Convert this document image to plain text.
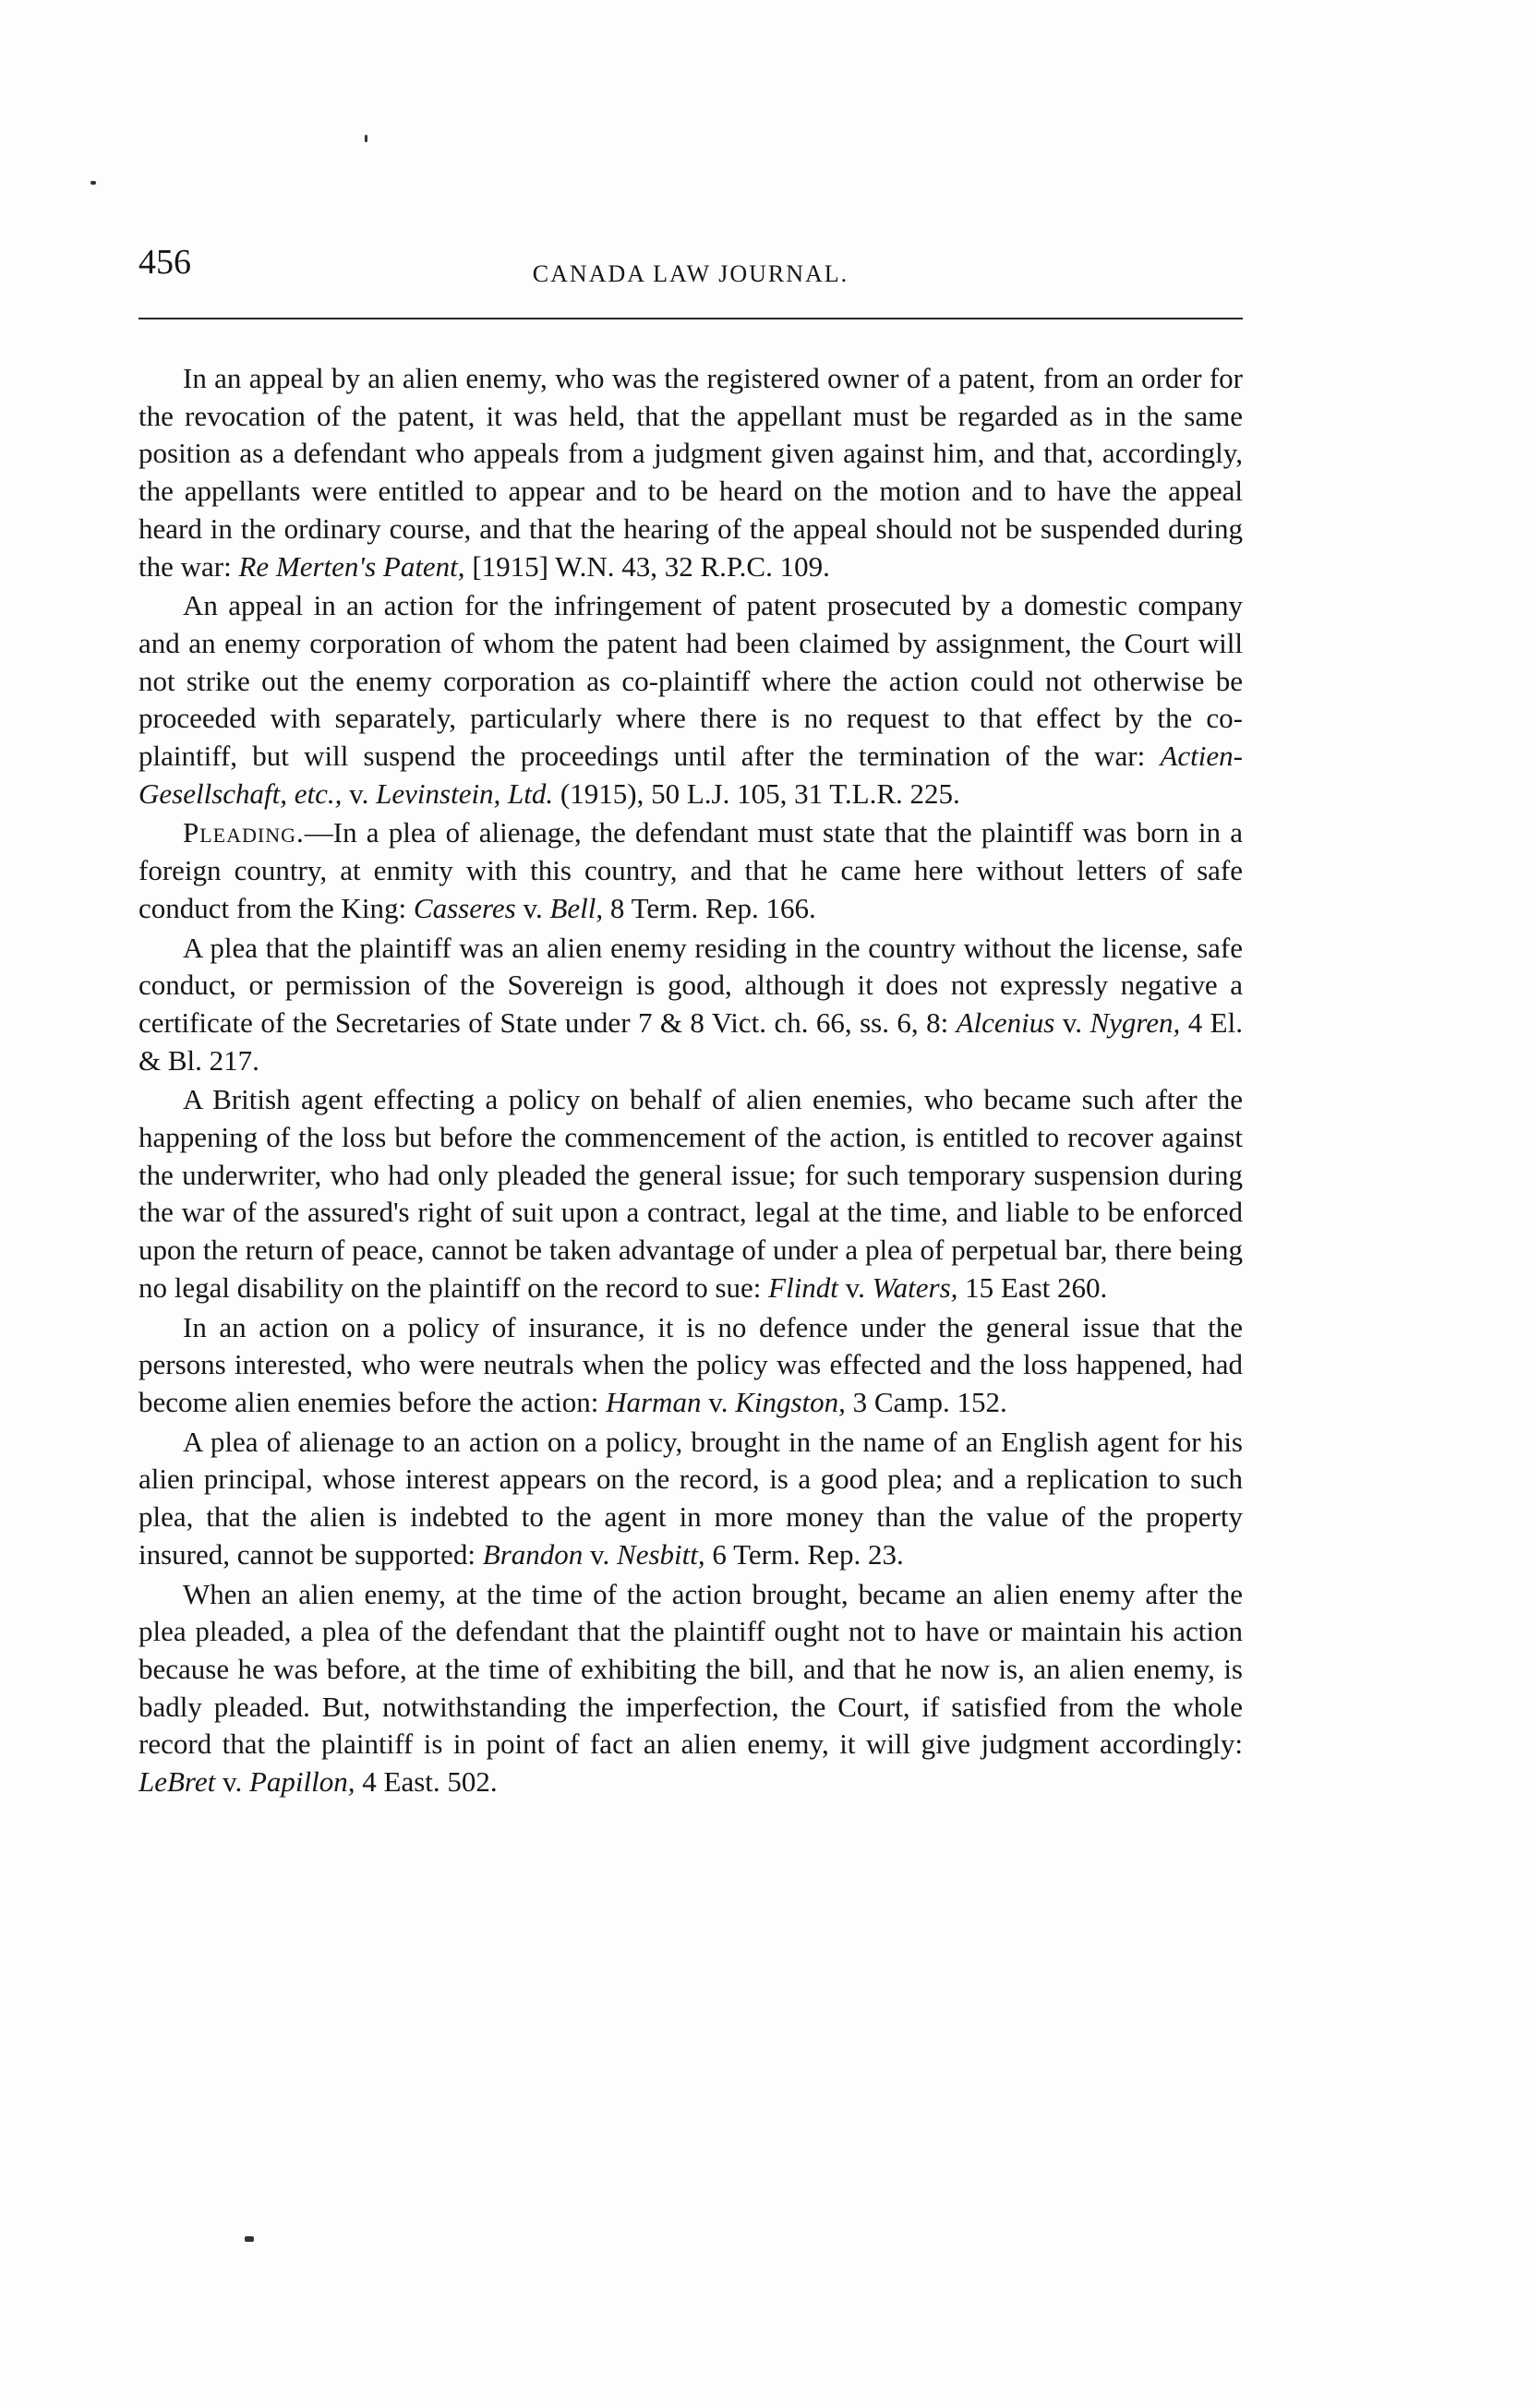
456	CANADA LAW JOURNAL.

In an appeal by an alien enemy, who was the registered owner of a patent, from an order for the revocation of the patent, it was held, that the appellant must be regarded as in the same position as a defendant who appeals from a judgment given against him, and that, accordingly, the appellants were entitled to appear and to be heard on the motion and to have the appeal heard in the ordinary course, and that the hearing of the appeal should not be suspended during the war: Re Merten's Patent, [1915] W.N. 43, 32 R.P.C. 109.

An appeal in an action for the infringement of patent prosecuted by a domestic company and an enemy corporation of whom the patent had been claimed by assignment, the Court will not strike out the enemy corporation as co-plaintiff where the action could not otherwise be proceeded with separately, particularly where there is no request to that effect by the co-plaintiff, but will suspend the proceedings until after the termination of the war: Actien-Gesellschaft, etc., v. Levinstein, Ltd. (1915), 50 L.J. 105, 31 T.L.R. 225.

Pleading.—In a plea of alienage, the defendant must state that the plaintiff was born in a foreign country, at enmity with this country, and that he came here without letters of safe conduct from the King: Casseres v. Bell, 8 Term. Rep. 166.

A plea that the plaintiff was an alien enemy residing in the country without the license, safe conduct, or permission of the Sovereign is good, although it does not expressly negative a certificate of the Secretaries of State under 7 & 8 Vict. ch. 66, ss. 6, 8: Alcenius v. Nygren, 4 El. & Bl. 217.

A British agent effecting a policy on behalf of alien enemies, who became such after the happening of the loss but before the commencement of the action, is entitled to recover against the underwriter, who had only pleaded the general issue; for such temporary suspension during the war of the assured's right of suit upon a contract, legal at the time, and liable to be enforced upon the return of peace, cannot be taken advantage of under a plea of perpetual bar, there being no legal disability on the plaintiff on the record to sue: Flindt v. Waters, 15 East 260.

In an action on a policy of insurance, it is no defence under the general issue that the persons interested, who were neutrals when the policy was effected and the loss happened, had become alien enemies before the action: Harman v. Kingston, 3 Camp. 152.

A plea of alienage to an action on a policy, brought in the name of an English agent for his alien principal, whose interest appears on the record, is a good plea; and a replication to such plea, that the alien is indebted to the agent in more money than the value of the property insured, cannot be supported: Brandon v. Nesbitt, 6 Term. Rep. 23.

When an alien enemy, at the time of the action brought, became an alien enemy after the plea pleaded, a plea of the defendant that the plaintiff ought not to have or maintain his action because he was before, at the time of exhibiting the bill, and that he now is, an alien enemy, is badly pleaded. But, notwithstanding the imperfection, the Court, if satisfied from the whole record that the plaintiff is in point of fact an alien enemy, it will give judgment accordingly: LeBret v. Papillon, 4 East. 502.
